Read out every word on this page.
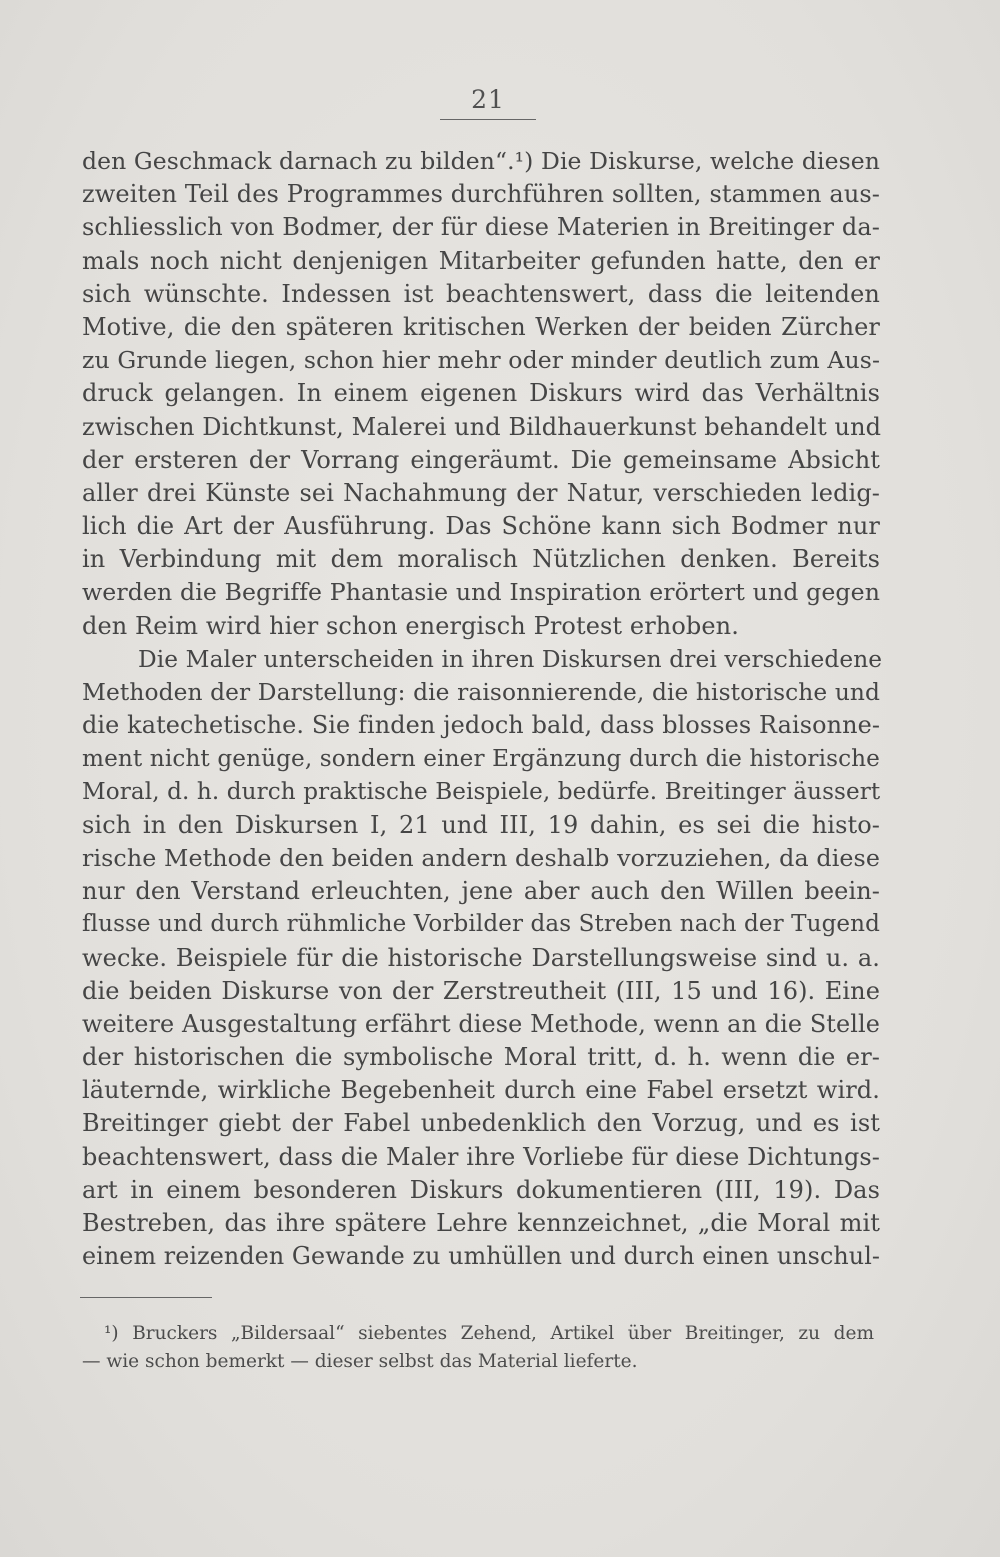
21
den Geschmack darnach zu bilden“.¹) Die Diskurse, welche diesen
zweiten Teil des Programmes durchführen sollten, stammen aus-
schliesslich von Bodmer, der für diese Materien in Breitinger da-
mals noch nicht denjenigen Mitarbeiter gefunden hatte, den er
sich wünschte. Indessen ist beachtenswert, dass die leitenden
Motive, die den späteren kritischen Werken der beiden Zürcher
zu Grunde liegen, schon hier mehr oder minder deutlich zum Aus-
druck gelangen. In einem eigenen Diskurs wird das Verhältnis
zwischen Dichtkunst, Malerei und Bildhauerkunst behandelt und
der ersteren der Vorrang eingeräumt. Die gemeinsame Absicht
aller drei Künste sei Nachahmung der Natur, verschieden ledig-
lich die Art der Ausführung. Das Schöne kann sich Bodmer nur
in Verbindung mit dem moralisch Nützlichen denken. Bereits
werden die Begriffe Phantasie und Inspiration erörtert und gegen
den Reim wird hier schon energisch Protest erhoben.
Die Maler unterscheiden in ihren Diskursen drei verschiedene
Methoden der Darstellung: die raisonnierende, die historische und
die katechetische. Sie finden jedoch bald, dass blosses Raisonne-
ment nicht genüge, sondern einer Ergänzung durch die historische
Moral, d. h. durch praktische Beispiele, bedürfe. Breitinger äussert
sich in den Diskursen I, 21 und III, 19 dahin, es sei die histo-
rische Methode den beiden andern deshalb vorzuziehen, da diese
nur den Verstand erleuchten, jene aber auch den Willen beein-
flusse und durch rühmliche Vorbilder das Streben nach der Tugend
wecke. Beispiele für die historische Darstellungsweise sind u. a.
die beiden Diskurse von der Zerstreutheit (III, 15 und 16). Eine
weitere Ausgestaltung erfährt diese Methode, wenn an die Stelle
der historischen die symbolische Moral tritt, d. h. wenn die er-
läuternde, wirkliche Begebenheit durch eine Fabel ersetzt wird.
Breitinger giebt der Fabel unbedenklich den Vorzug, und es ist
beachtenswert, dass die Maler ihre Vorliebe für diese Dichtungs-
art in einem besonderen Diskurs dokumentieren (III, 19). Das
Bestreben, das ihre spätere Lehre kennzeichnet, „die Moral mit
einem reizenden Gewande zu umhüllen und durch einen unschul-
¹) Bruckers „Bildersaal“ siebentes Zehend, Artikel über Breitinger, zu dem
— wie schon bemerkt — dieser selbst das Material lieferte.
